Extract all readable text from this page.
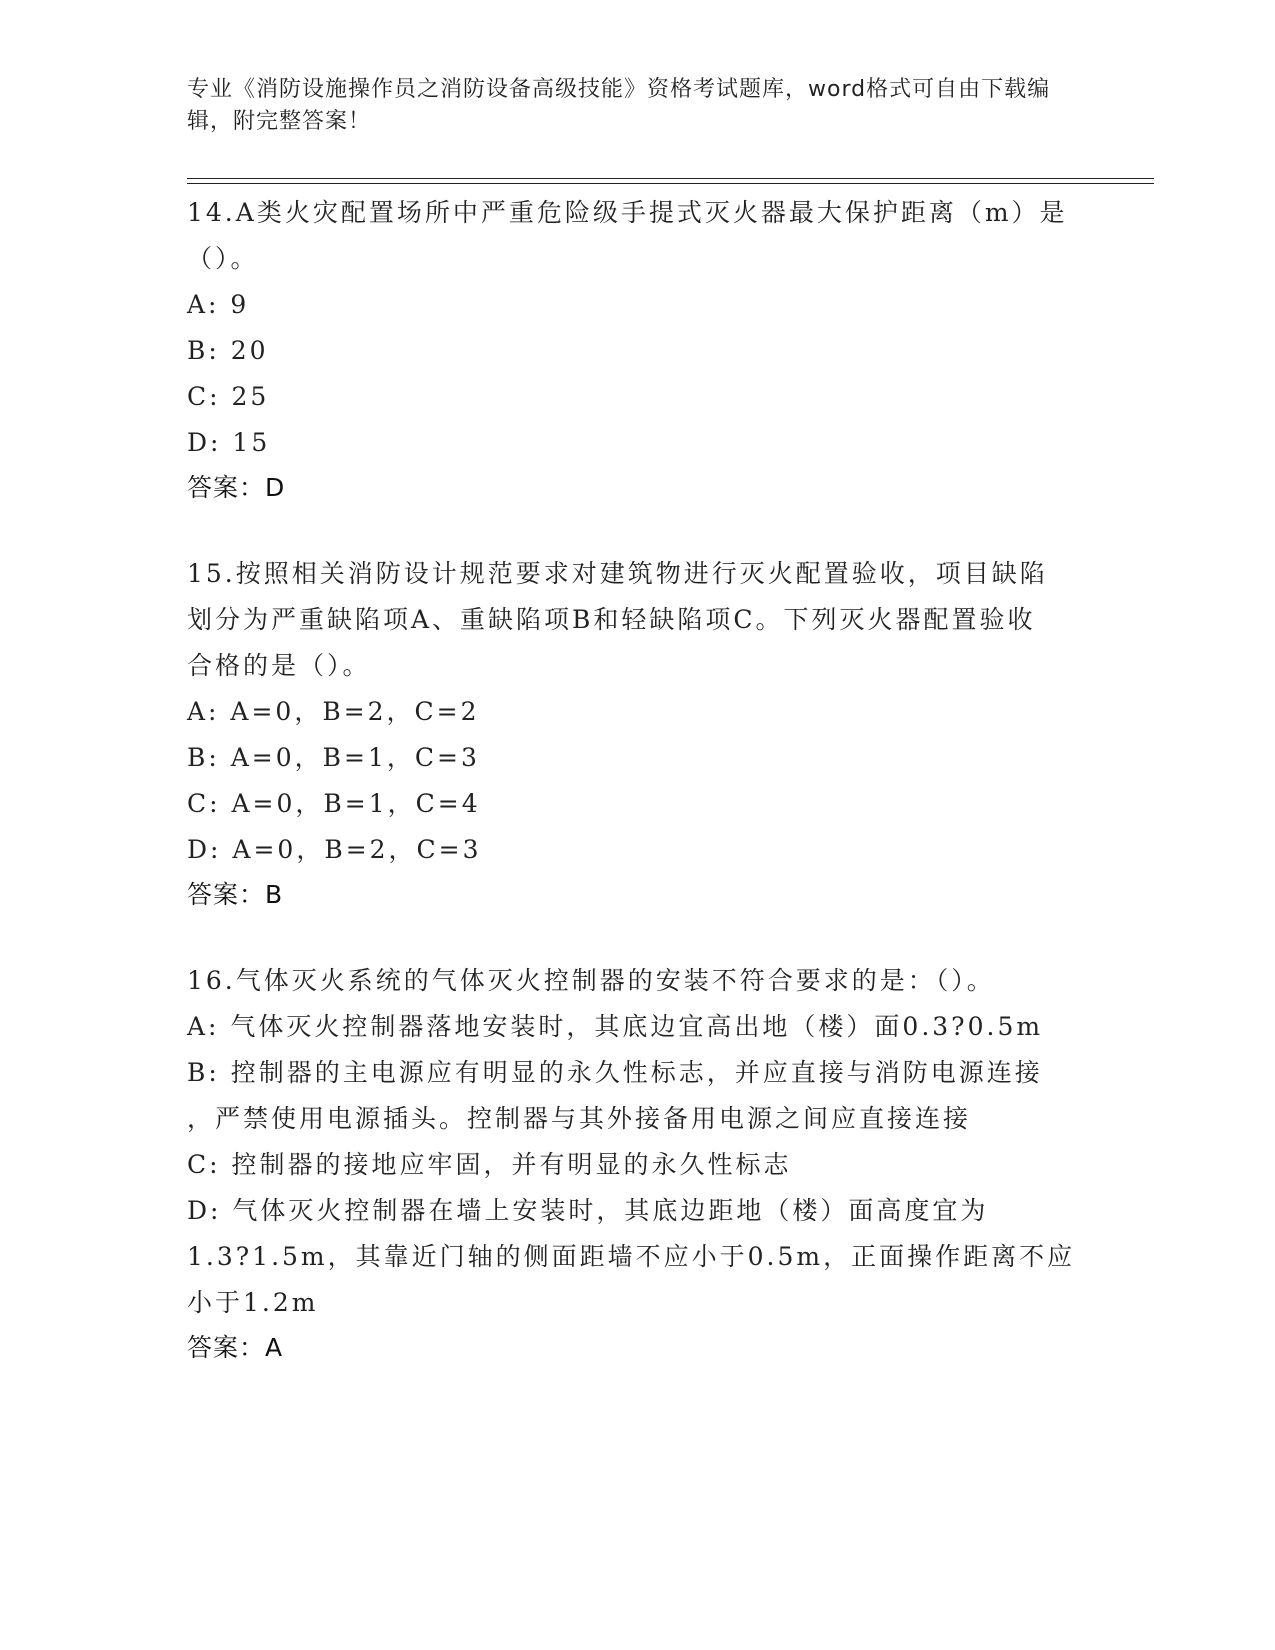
专业《消防设施操作员之消防设备高级技能》资格考试题库，word格式可自由下载编辑，附完整答案！

14.A类火灾配置场所中严重危险级手提式灭火器最大保护距离（m）是

（）。

A: 9

B: 20

C: 25

D: 15

答案：D

15.按照相关消防设计规范要求对建筑物进行灭火配置验收，项目缺陷

划分为严重缺陷项A、重缺陷项B和轻缺陷项C。下列灭火器配置验收

合格的是（）。

A: A=0，B=2，C=2

B: A=0，B=1，C=3

C: A=0，B=1，C=4

D: A=0，B=2，C=3

答案：B

16.气体灭火系统的气体灭火控制器的安装不符合要求的是：（）。

A: 气体灭火控制器落地安装时，其底边宜高出地（楼）面0.3?0.5m

B: 控制器的主电源应有明显的永久性标志，并应直接与消防电源连接

，严禁使用电源插头。控制器与其外接备用电源之间应直接连接

C: 控制器的接地应牢固，并有明显的永久性标志

D: 气体灭火控制器在墙上安装时，其底边距地（楼）面高度宜为

1.3?1.5m，其靠近门轴的侧面距墙不应小于0.5m，正面操作距离不应

小于1.2m

答案：A
